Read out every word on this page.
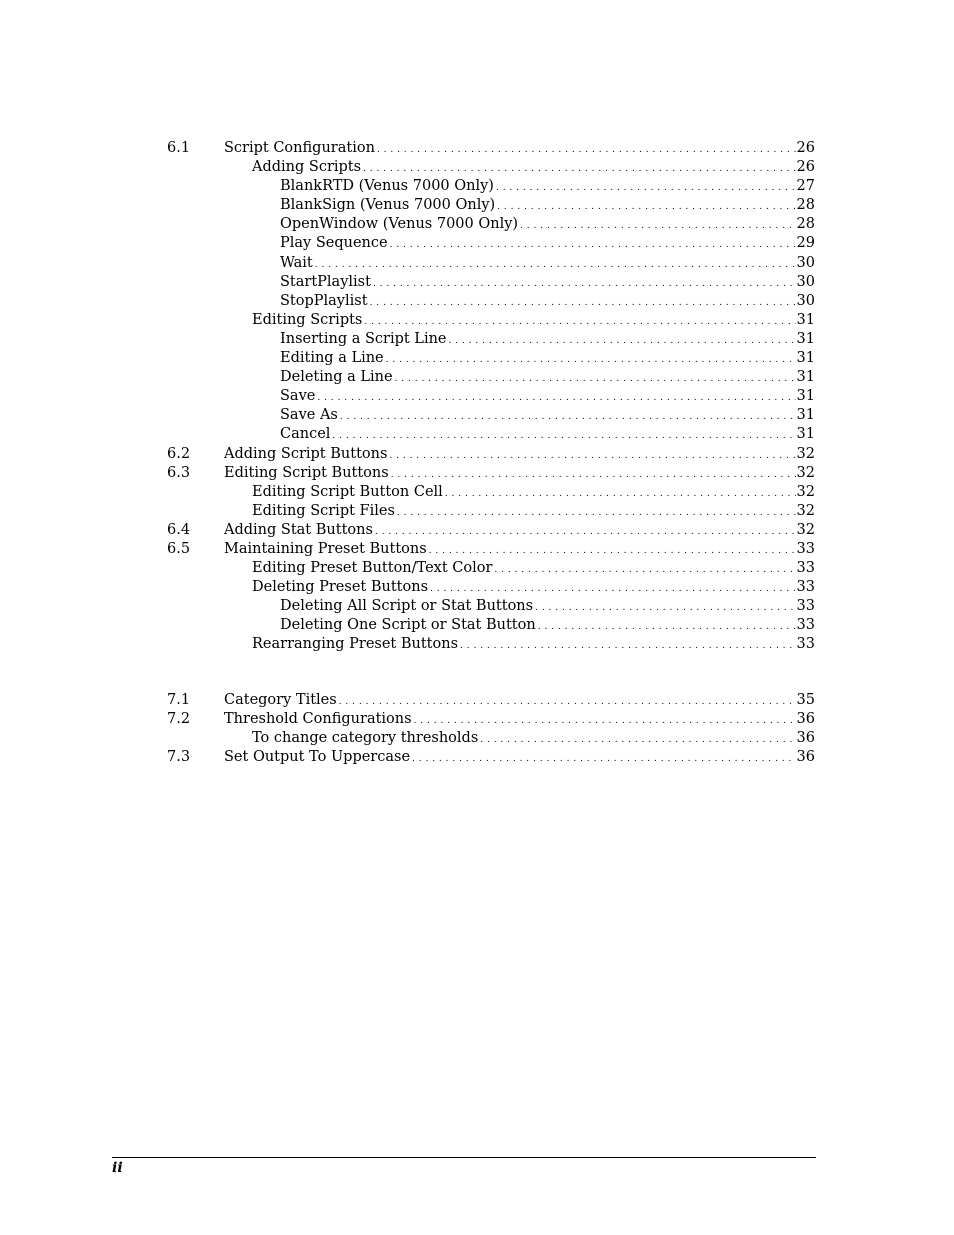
6.1	Script Configuration . . .	26
Adding Scripts . . .	26
BlankRTD (Venus 7000 Only) . . .	27
BlankSign (Venus 7000 Only) . . .	28
OpenWindow (Venus 7000 Only) . . .	28
Play Sequence . . .	29
Wait . . .	30
StartPlaylist . . .	30
StopPlaylist . . .	30
Editing Scripts . . .	31
Inserting a Script Line . . .	31
Editing a Line . . .	31
Deleting a Line . . .	31
Save . . .	31
Save As . . .	31
Cancel . . .	31
6.2	Adding Script Buttons . . .	32
6.3	Editing Script Buttons . . .	32
Editing Script Button Cell . . .	32
Editing Script Files . . .	32
6.4	Adding Stat Buttons . . .	32
6.5	Maintaining Preset Buttons . . .	33
Editing Preset Button/Text Color . . .	33
Deleting Preset Buttons . . .	33
Deleting All Script or Stat Buttons . . .	33
Deleting One Script or Stat Button . . .	33
Rearranging Preset Buttons . . .	33
7.1	Category Titles . . .	35
7.2	Threshold Configurations . . .	36
To change category thresholds . . .	36
7.3	Set Output To Uppercase . . .	36
ii
